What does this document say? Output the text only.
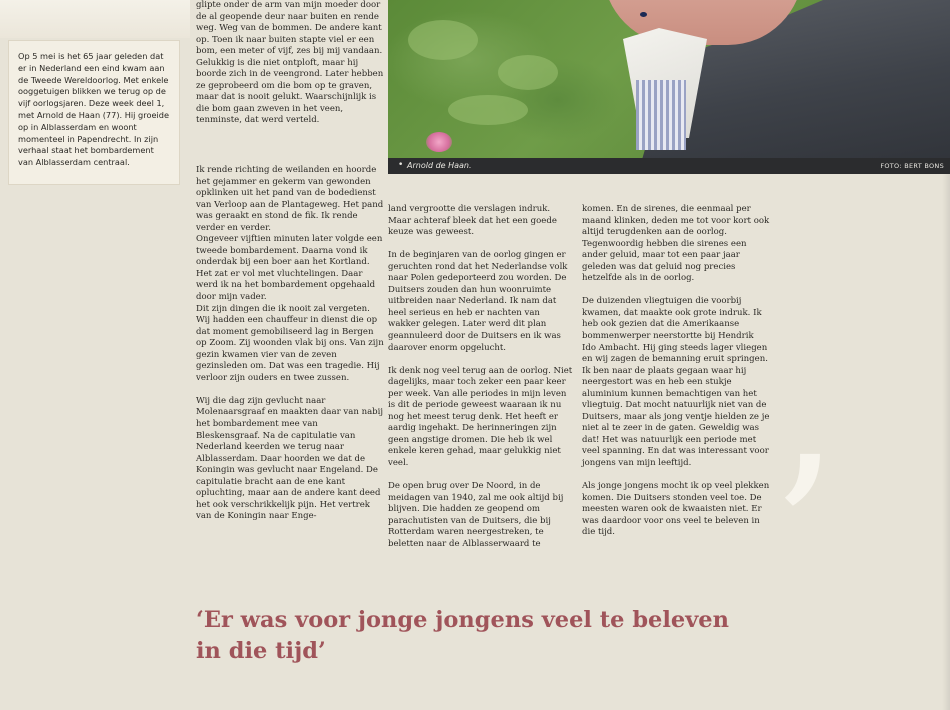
Op 5 mei is het 65 jaar geleden dat er in Nederland een eind kwam aan de Tweede Wereldoorlog. Met enkele ooggetuigen blikken we terug op de vijf oorlogsjaren. Deze week deel 1, met Arnold de Haan (77). Hij groeide op in Alblasserdam en woont momenteel in Papendrecht. In zijn verhaal staat het bombardement van Alblasserdam centraal.

glipte onder de arm van mijn moeder door de al geopende deur naar buiten en rende weg. Weg van de bommen. De andere kant op. Toen ik naar buiten stapte viel er een bom, een meter of vijf, zes bij mij vandaan. Gelukkig is die niet ontploft, maar hij boorde zich in de veengrond. Later hebben ze geprobeerd om die bom op te graven, maar dat is nooit gelukt. Waarschijnlijk is die bom gaan zweven in het veen, tenminste, dat werd verteld.

• Arnold de Haan.	FOTO: BERT BONS

Ik rende richting de weilanden en hoorde het gejammer en gekerm van gewonden opklinken uit het pand van de bodedienst van Verloop aan de Plantageweg. Het pand was geraakt en stond de fik. Ik rende verder en verder.
Ongeveer vijftien minuten later volgde een tweede bombardement. Daarna vond ik onderdak bij een boer aan het Kortland. Het zat er vol met vluchtelingen. Daar werd ik na het bombardement opgehaald door mijn vader.
Dit zijn dingen die ik nooit zal vergeten. Wij hadden een chauffeur in dienst die op dat moment gemobiliseerd lag in Bergen op Zoom. Zij woonden vlak bij ons. Van zijn gezin kwamen vier van de zeven gezinsleden om. Dat was een tragedie. Hij verloor zijn ouders en twee zussen.

Wij die dag zijn gevlucht naar Molenaarsgraaf en maakten daar van nabij het bombardement mee van Bleskensgraaf. Na de capitulatie van Nederland keerden we terug naar Alblasserdam. Daar hoorden we dat de Koningin was gevlucht naar Engeland. De capitulatie bracht aan de ene kant opluchting, maar aan de andere kant deed het ook verschrikkelijk pijn. Het vertrek van de Koningin naar Enge-

land vergrootte die verslagen indruk. Maar achteraf bleek dat het een goede keuze was geweest.

In de beginjaren van de oorlog gingen er geruchten rond dat het Nederlandse volk naar Polen gedeporteerd zou worden. De Duitsers zouden dan hun woonruimte uitbreiden naar Nederland. Ik nam dat heel serieus en heb er nachten van wakker gelegen. Later werd dit plan geannuleerd door de Duitsers en ik was daarover enorm opgelucht.

Ik denk nog veel terug aan de oorlog. Niet dagelijks, maar toch zeker een paar keer per week. Van alle periodes in mijn leven is dit de periode geweest waaraan ik nu nog het meest terug denk. Het heeft er aardig ingehakt. De herinneringen zijn geen angstige dromen. Die heb ik wel enkele keren gehad, maar gelukkig niet veel.

De open brug over De Noord, in de meidagen van 1940, zal me ook altijd bij blijven. Die hadden ze geopend om parachutisten van de Duitsers, die bij Rotterdam waren neergestreken, te beletten naar de Alblasserwaard te

komen. En de sirenes, die eenmaal per maand klinken, deden me tot voor kort ook altijd terugdenken aan de oorlog. Tegenwoordig hebben die sirenes een ander geluid, maar tot een paar jaar geleden was dat geluid nog precies hetzelfde als in de oorlog.

De duizenden vliegtuigen die voorbij kwamen, dat maakte ook grote indruk. Ik heb ook gezien dat die Amerikaanse bommenwerper neerstortte bij Hendrik Ido Ambacht. Hij ging steeds lager vliegen en wij zagen de bemanning eruit springen. Ik ben naar de plaats gegaan waar hij neergestort was en heb een stukje aluminium kunnen bemachtigen van het vliegtuig. Dat mocht natuurlijk niet van de Duitsers, maar als jong ventje hielden ze je niet al te zeer in de gaten. Geweldig was dat! Het was natuurlijk een periode met veel spanning. En dat was interessant voor jongens van mijn leeftijd.

Als jonge jongens mocht ik op veel plekken komen. Die Duitsers stonden veel toe. De meesten waren ook de kwaaisten niet. Er was daardoor voor ons veel te beleven in die tijd. ’
‘Er was voor jonge jongens veel te beleven
in die tijd’
